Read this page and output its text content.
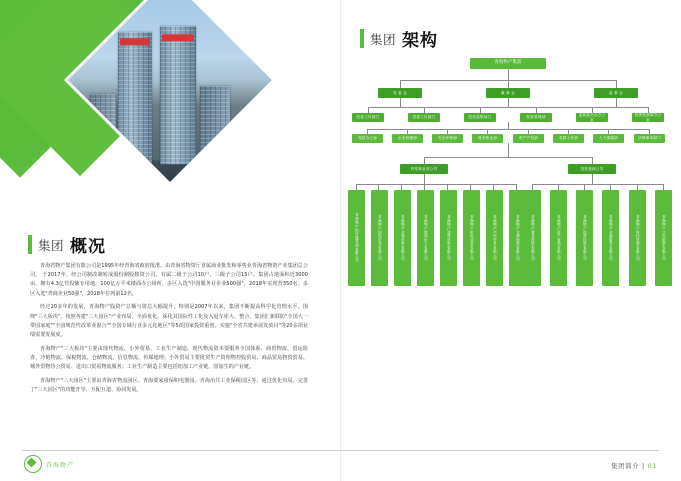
集团 概况

青海省物产集团有限公司是1995年经青海省政府批准、由青海省物资厅直属商业批发和零售业青海省物资产业集团总公司， 于2017年，经公司制改制转成股份制股独资公司，有属二级子公司10户，三级子公司15户。集团占地面积近3000亩，拥有4.3亿管投额专用地，100亿万平米楼面办公场所，多区入选"中国服务业企业500强"，2018年实现营350名；多区入选"青商企业50强"，2018年位列第12名。

经过20多年的发展，青海物产股资产总额与资总大幅提升，特别是2007年以来，集团不断提高科学化管理水平，围绕"三大板块"，按照各建"三大园区"产业布局，全面优化、深化其国际性工化及入退车库大、整合、集团汇新联防"全国大一带国家庭""全国规范性改革业混合""全国专域行业多元化地区"等5项国家投资重创。实施"全省共建承展发放目"等20多项业绩需要发展度。

青海物产"三大板块"主要由现代物流、小外贸易、工业生产制造、现代物流资本要服务全国体系、商贸物流、贸运险查、冷链物流、保税物流、仓储物流、信息物流、传媒地理；小外贸易主要批贸生产资理物控股贸易、商品贸易物贸贸易、城外贸物待公贸易、进出口贸易物流服务；工业生产制造主要包括铝加工产业链、国加生的产业链。

青海物产"三大园区"主要由青海省物流园区、青海要家重保积电器园、青海冶共工业保税园区等。通过优化布局、完善了"三大园区"的功能开导、互配互道、协同发展。

集团 架构
青海物产集团
党 委 会	董 事 会	监 事 会
纪检工作部门	党建工作部门	纪检监察部门	经营管理部
监督委员会办公室
投资发展部办公室
党政办公室	企业管理部	安全环保部	财务资金部	资产产权部	党群工作部	人力资源部	法律事务部门
贸易事业部公司	投资管理公司
青海物产供应链管理有限公司	青海物产国际贸易有限公司	青海物产金属材料有限公司	青海物产能源化工有限公司	青海物产建筑材料有限公司	青海物产机电设备有限公司	青海物产汽车贸易有限公司	青海物产仓储物流有限公司	青海物产置业投资有限公司	青海物产资产管理有限公司	青海物产投资控股有限公司	青海物产金融服务有限公司	青海物产科技发展有限公司	青海物产文化旅游有限公司
青海物产	集团简介 | 01
